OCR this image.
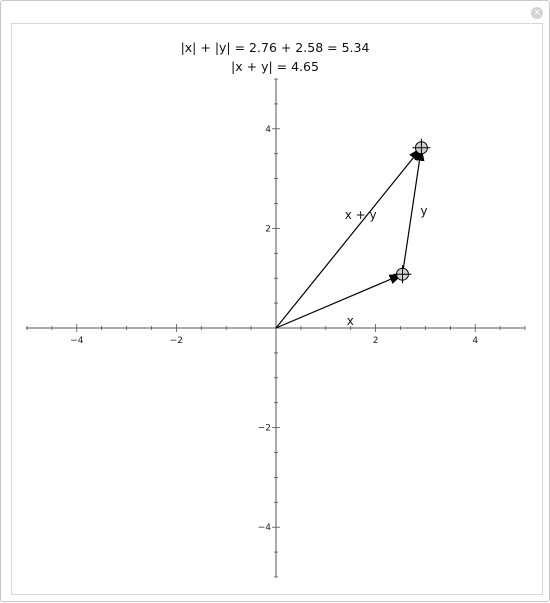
×
|x| + |y| = 2.76 + 2.58 = 5.34
|x + y| = 4.65
−4	−2	2	4
4
2
−2
−4
x
y
x + y
